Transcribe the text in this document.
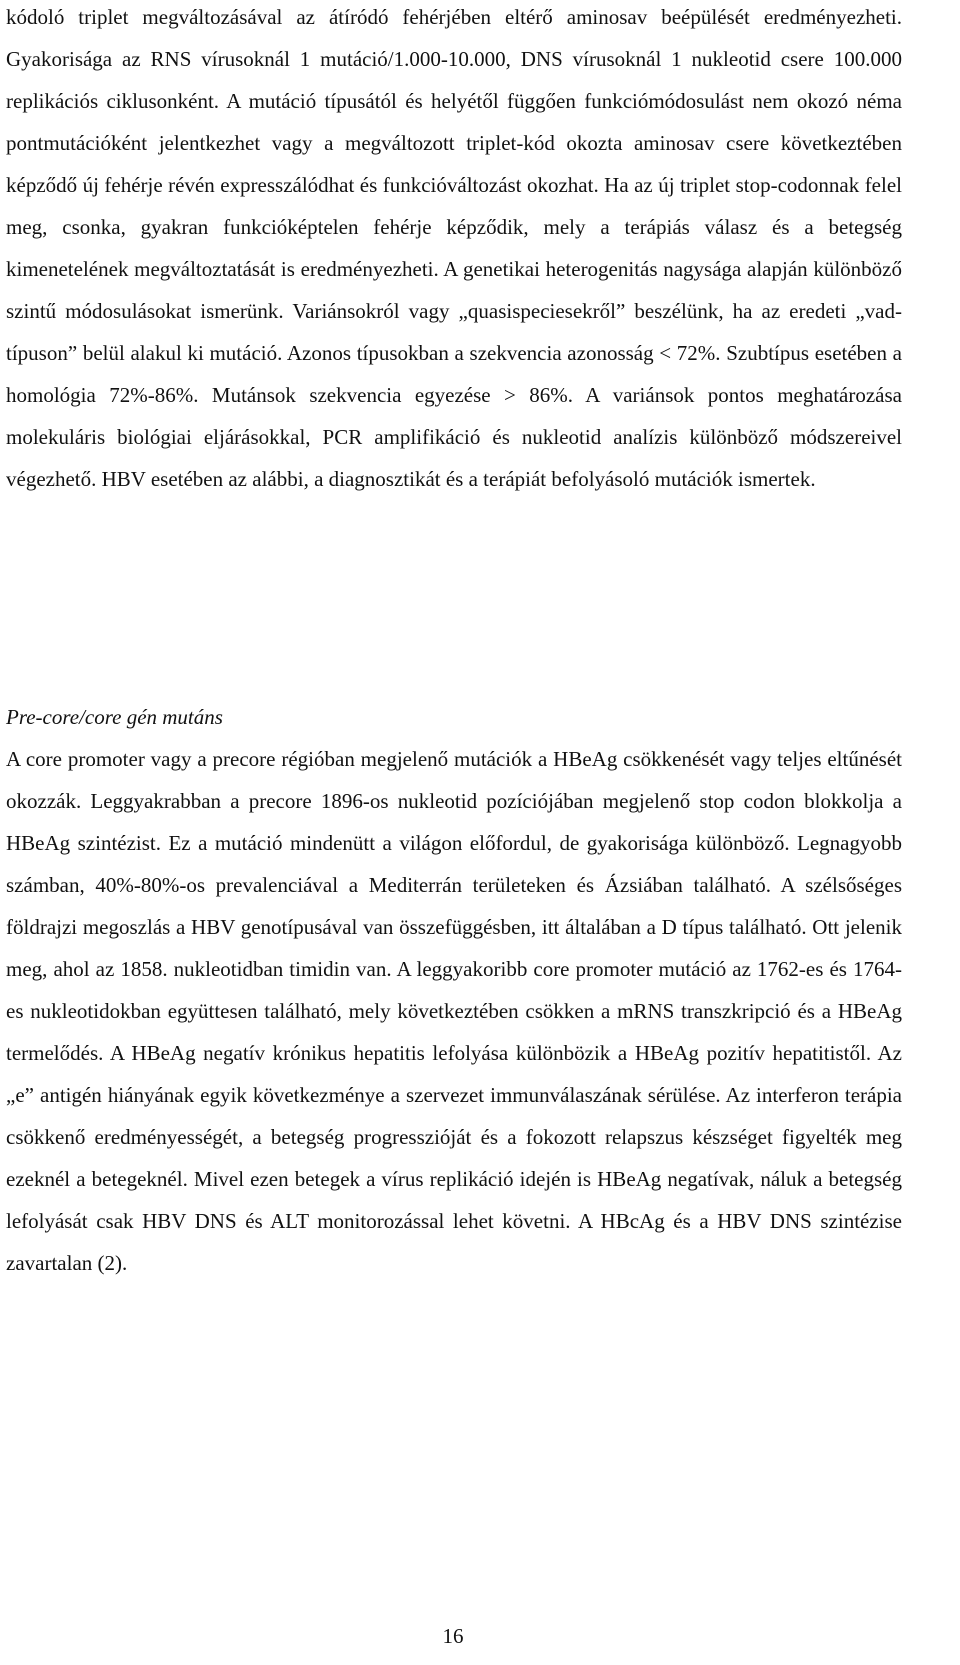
kódoló triplet megváltozásával az átíródó fehérjében eltérő aminosav beépülését eredményezheti. Gyakorisága az RNS vírusoknál 1 mutáció/1.000-10.000, DNS vírusoknál 1 nukleotid csere 100.000 replikációs ciklusonként. A mutáció típusától és helyétől függően funkciómódosulást nem okozó néma pontmutációként jelentkezhet vagy a megváltozott triplet-kód okozta aminosav csere következtében képződő új fehérje révén expresszálódhat és funkcióváltozást okozhat. Ha az új triplet stop-codonnak felel meg, csonka, gyakran funkcióképtelen fehérje képződik, mely a terápiás válasz és a betegség kimenetelének megváltoztatását is eredményezheti. A genetikai heterogenitás nagysága alapján különböző szintű módosulásokat ismerünk. Variánsokról vagy „quasispeciesekről” beszélünk, ha az eredeti „vad-típuson” belül alakul ki mutáció. Azonos típusokban a szekvencia azonosság < 72%. Szubtípus esetében a homológia 72%-86%. Mutánsok szekvencia egyezése > 86%. A variánsok pontos meghatározása molekuláris biológiai eljárásokkal, PCR amplifikáció és nukleotid analízis különböző módszereivel végezhető. HBV esetében az alábbi, a diagnosztikát és a terápiát befolyásoló mutációk ismertek.

Pre-core/core gén mutáns

A core promoter vagy a precore régióban megjelenő mutációk a HBeAg csökkenését vagy teljes eltűnését okozzák. Leggyakrabban a precore 1896-os nukleotid pozíciójában megjelenő stop codon blokkolja a HBeAg szintézist. Ez a mutáció mindenütt a világon előfordul, de gyakorisága különböző. Legnagyobb számban, 40%-80%-os prevalenciával a Mediterrán területeken és Ázsiában található. A szélsőséges földrajzi megoszlás a HBV genotípusával van összefüggésben, itt általában a D típus található. Ott jelenik meg, ahol az 1858. nukleotidban timidin van. A leggyakoribb core promoter mutáció az 1762-es és 1764-es nukleotidokban együttesen található, mely következtében csökken a mRNS transzkripció és a HBeAg termelődés. A HBeAg negatív krónikus hepatitis lefolyása különbözik a HBeAg pozitív hepatitistől. Az „e” antigén hiányának egyik következménye a szervezet immunválaszának sérülése. Az interferon terápia csökkenő eredményességét, a betegség progresszióját és a fokozott relapszus készséget figyelték meg ezeknél a betegeknél. Mivel ezen betegek a vírus replikáció idején is HBeAg negatívak, náluk a betegség lefolyását csak HBV DNS és ALT monitorozással lehet követni. A HBcAg és a HBV DNS szintézise zavartalan (2).

16
